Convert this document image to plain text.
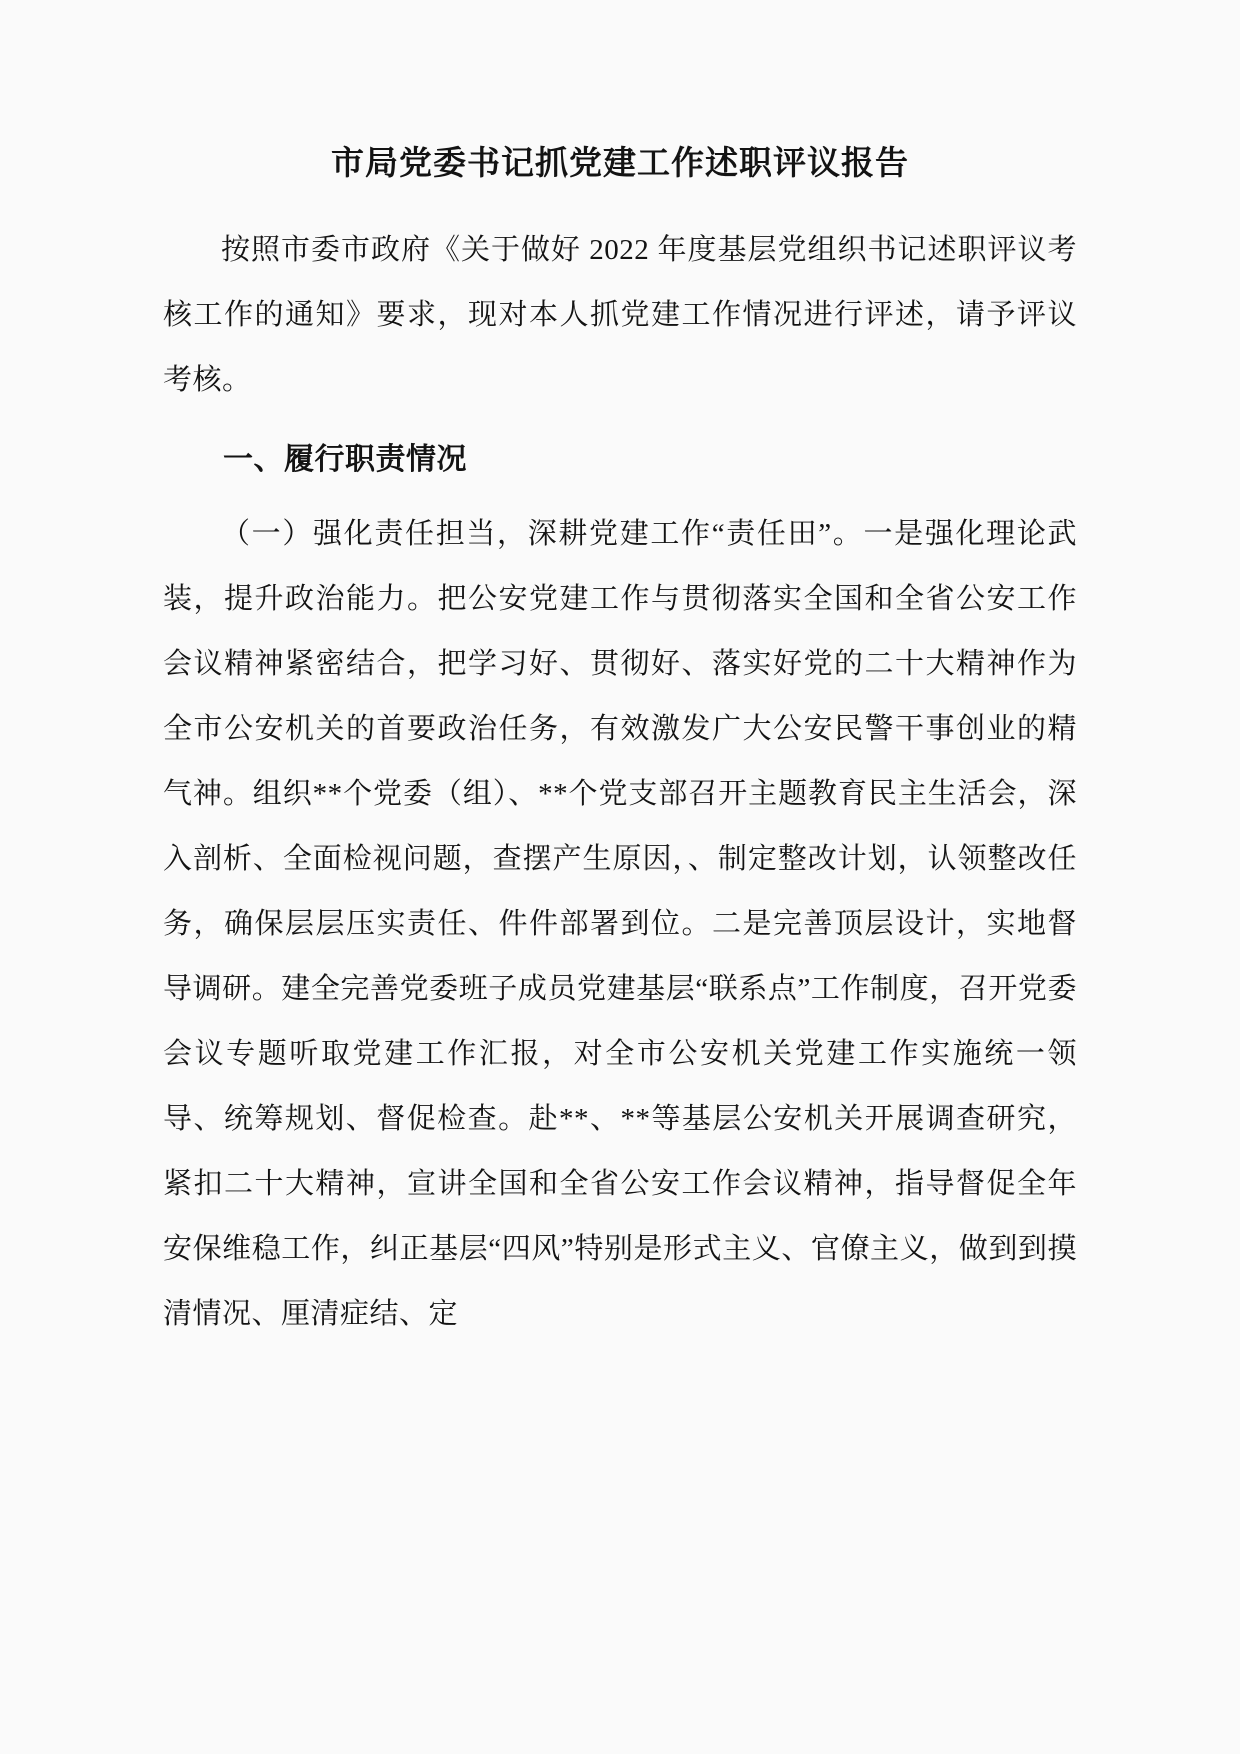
市局党委书记抓党建工作述职评议报告

按照市委市政府《关于做好 2022 年度基层党组织书记述职评议考核工作的通知》要求，现对本人抓党建工作情况进行评述，请予评议考核。

一、履行职责情况

（一）强化责任担当，深耕党建工作“责任田”。一是强化理论武装，提升政治能力。把公安党建工作与贯彻落实全国和全省公安工作会议精神紧密结合，把学习好、贯彻好、落实好党的二十大精神作为全市公安机关的首要政治任务，有效激发广大公安民警干事创业的精气神。组织**个党委（组）、**个党支部召开主题教育民主生活会，深入剖析、全面检视问题，查摆产生原因，、制定整改计划，认领整改任务，确保层层压实责任、件件部署到位。二是完善顶层设计，实地督导调研。建全完善党委班子成员党建基层“联系点”工作制度，召开党委会议专题听取党建工作汇报，对全市公安机关党建工作实施统一领导、统筹规划、督促检查。赴**、**等基层公安机关开展调查研究，紧扣二十大精神，宣讲全国和全省公安工作会议精神，指导督促全年安保维稳工作，纠正基层“四风”特别是形式主义、官僚主义，做到到摸清情况、厘清症结、定
